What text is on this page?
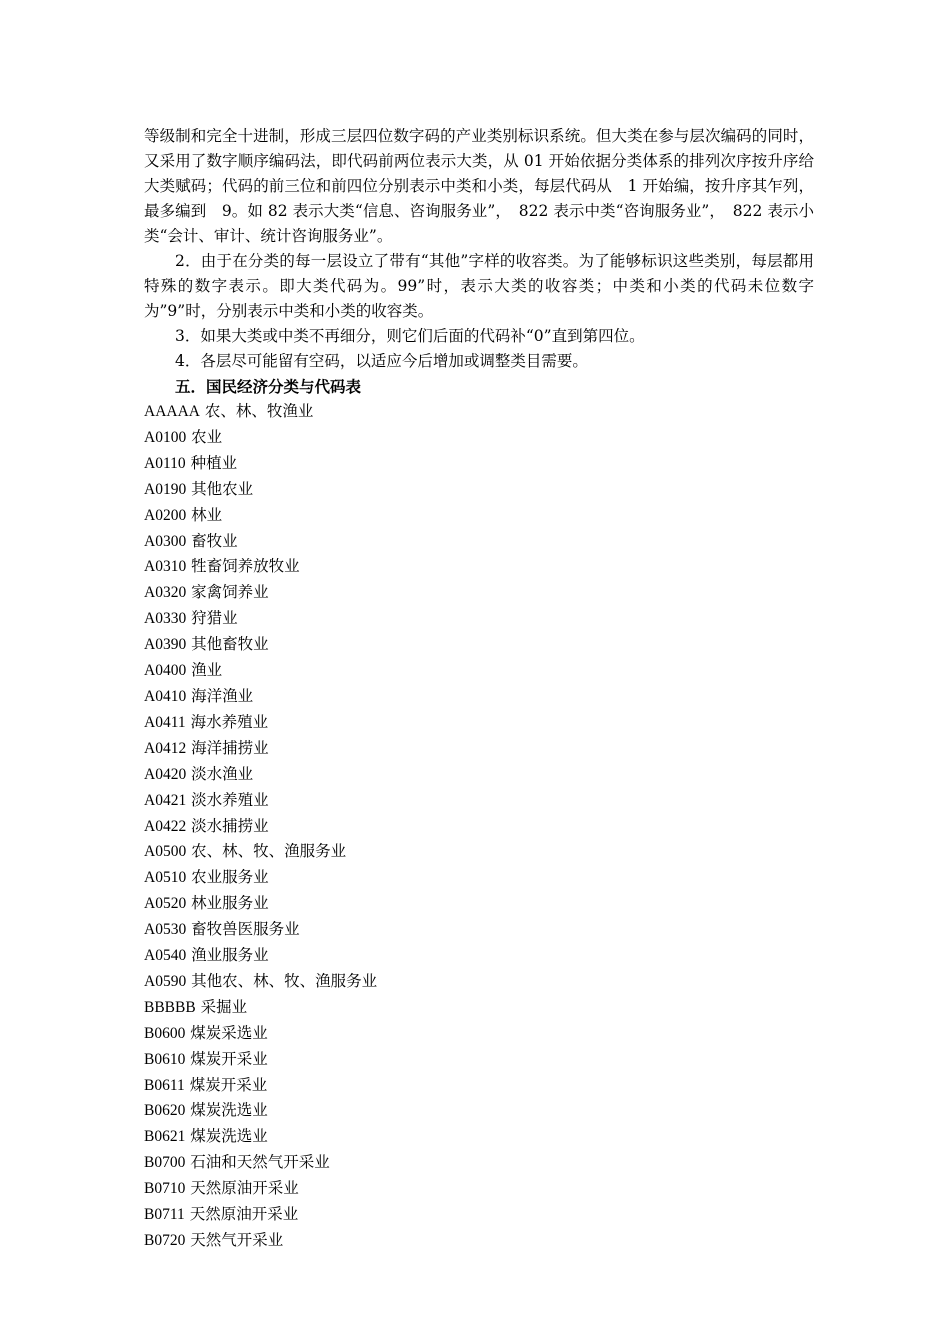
等级制和完全十进制，形成三层四位数字码的产业类别标识系统。但大类在参与层次编码的同时，又采用了数字顺序编码法，即代码前两位表示大类，从 01 开始依据分类体系的排列次序按升序给大类赋码；代码的前三位和前四位分别表示中类和小类，每层代码从　1 开始编，按升序其乍列，最多编到　9。如 82 表示大类“信息、咨询服务业”，　822 表示中类“咨询服务业”，　822 表示小类“会计、审计、统计咨询服务业”。

2．由于在分类的每一层设立了带有“其他”字样的收容类。为了能够标识这些类别，每层都用特殊的数字表示。即大类代码为。99”时，表示大类的收容类；中类和小类的代码未位数字为”9”时，分别表示中类和小类的收容类。

3．如果大类或中类不再细分，则它们后面的代码补“0”直到第四位。

4．各层尽可能留有空码，以适应今后增加或调整类目需要。

五．国民经济分类与代码表
AAAAA 农、林、牧渔业
A0100 农业
A0110 种植业
A0190 其他农业
A0200 林业
A0300 畜牧业
A0310 牲畜饲养放牧业
A0320 家禽饲养业
A0330 狩猎业
A0390 其他畜牧业
A0400 渔业
A0410 海洋渔业
A0411 海水养殖业
A0412 海洋捕捞业
A0420 淡水渔业
A0421 淡水养殖业
A0422 淡水捕捞业
A0500 农、林、牧、渔服务业
A0510 农业服务业
A0520 林业服务业
A0530 畜牧兽医服务业
A0540 渔业服务业
A0590 其他农、林、牧、渔服务业
BBBBB 采掘业
B0600 煤炭采选业
B0610 煤炭开采业
B0611 煤炭开采业
B0620 煤炭洗选业
B0621 煤炭洗选业
B0700 石油和天然气开采业
B0710 天然原油开采业
B0711 天然原油开采业
B0720 天然气开采业
